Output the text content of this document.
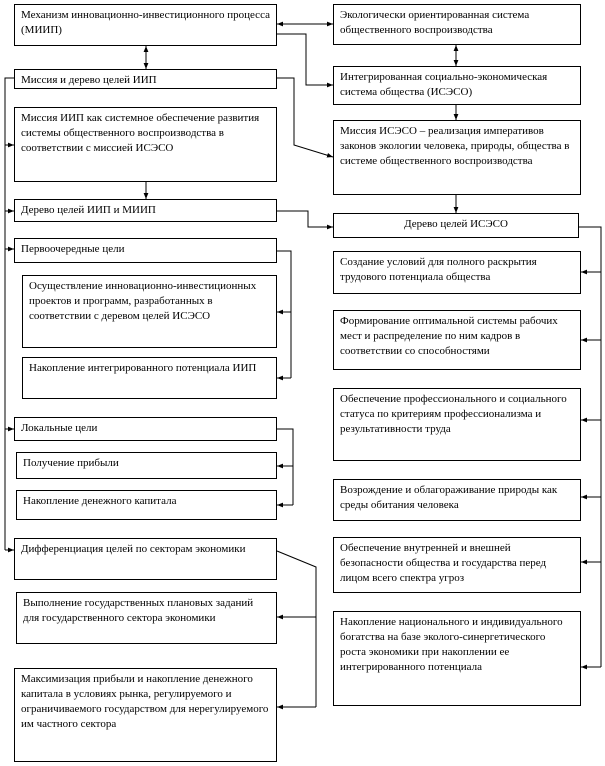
Механизм инновационно-инвестиционного процесса (МИИП)
Миссия и дерево целей ИИП
Миссия ИИП как системное обеспечение развития системы общественного воспроизводства в соответствии с миссией ИСЭСО
Дерево целей ИИП и МИИП
Первоочередные цели
Осуществление инновационно-инвестиционных проектов и программ, разработанных в соответствии с деревом целей ИСЭСО
Накопление интегрированного потенциала ИИП
Локальные цели
Получение прибыли
Накопление денежного капитала
Дифференциация целей по секторам экономики
Выполнение государственных плановых заданий для государственного сектора экономики
Максимизация прибыли и накопление денежного капитала в условиях рынка, регулируемого и ограничиваемого государством для нерегулируемого им частного сектора
Экологически ориентированная система общественного воспроизводства
Интегрированная социально-экономическая система общества (ИСЭСО)
Миссия ИСЭСО – реализация императивов законов экологии человека, природы, общества в системе общественного воспроизводства
Дерево целей ИСЭСО
Создание условий для полного раскрытия трудового потенциала общества
Формирование оптимальной системы рабочих мест и распределение по ним кадров в соответствии со способностями
Обеспечение профессионального и социального статуса по критериям профессионализма и результативности труда
Возрождение и облагораживание природы как среды обитания человека
Обеспечение внутренней и внешней безопасности общества и государства перед лицом всего спектра угроз
Накопление национального и индивидуального богатства на базе эколого-синергетического роста экономики при накоплении ее интегрированного потенциала
